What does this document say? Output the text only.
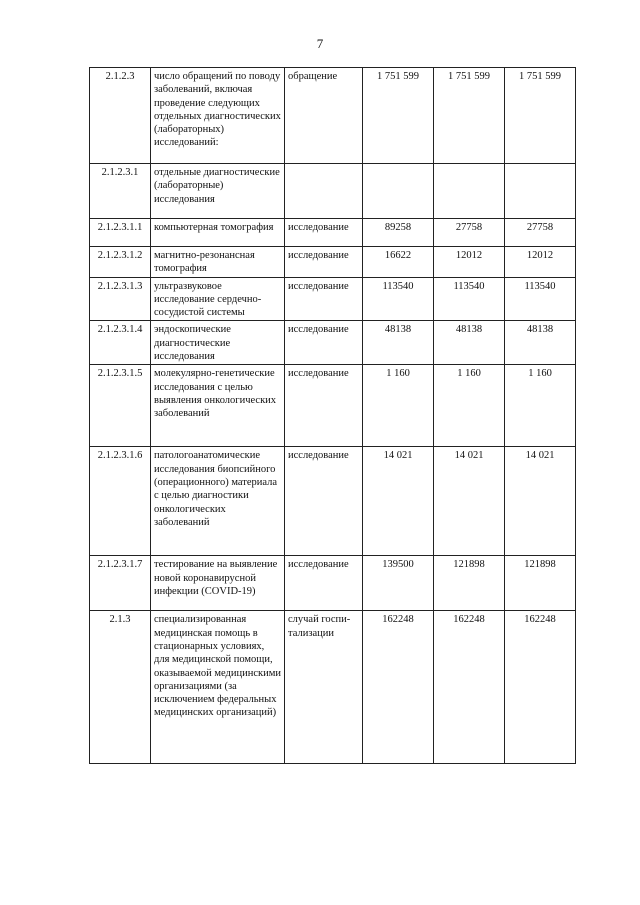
7
2.1.2.3	число обращений по поводу заболеваний, включая проведение следующих отдельных диагностических (лабораторных) исследований:	обращение	1 751 599	1 751 599	1 751 599
2.1.2.3.1	отдельные диагностические (лабораторные) исследования				
2.1.2.3.1.1	компьютерная томография	исследование	89258	27758	27758
2.1.2.3.1.2	магнитно-резонансная томография	исследование	16622	12012	12012
2.1.2.3.1.3	ультразвуковое исследование сердечно-сосудистой системы	исследование	113540	113540	113540
2.1.2.3.1.4	эндоскопические диагностические исследования	исследование	48138	48138	48138
2.1.2.3.1.5	молекулярно-генетические исследования с целью выявления онкологических заболеваний	исследование	1 160	1 160	1 160
2.1.2.3.1.6	патологоанатомические исследования биопсийного (операционного) материала с целью диагностики онкологических заболеваний	исследование	14 021	14 021	14 021
2.1.2.3.1.7	тестирование на выявление новой коронавирусной инфекции (COVID-19)	исследование	139500	121898	121898
2.1.3	специализированная медицинская помощь в стационарных условиях, для медицинской помощи, оказываемой медицинскими организациями (за исключением федеральных медицинских организаций)	случай госпи-тализации	162248	162248	162248
